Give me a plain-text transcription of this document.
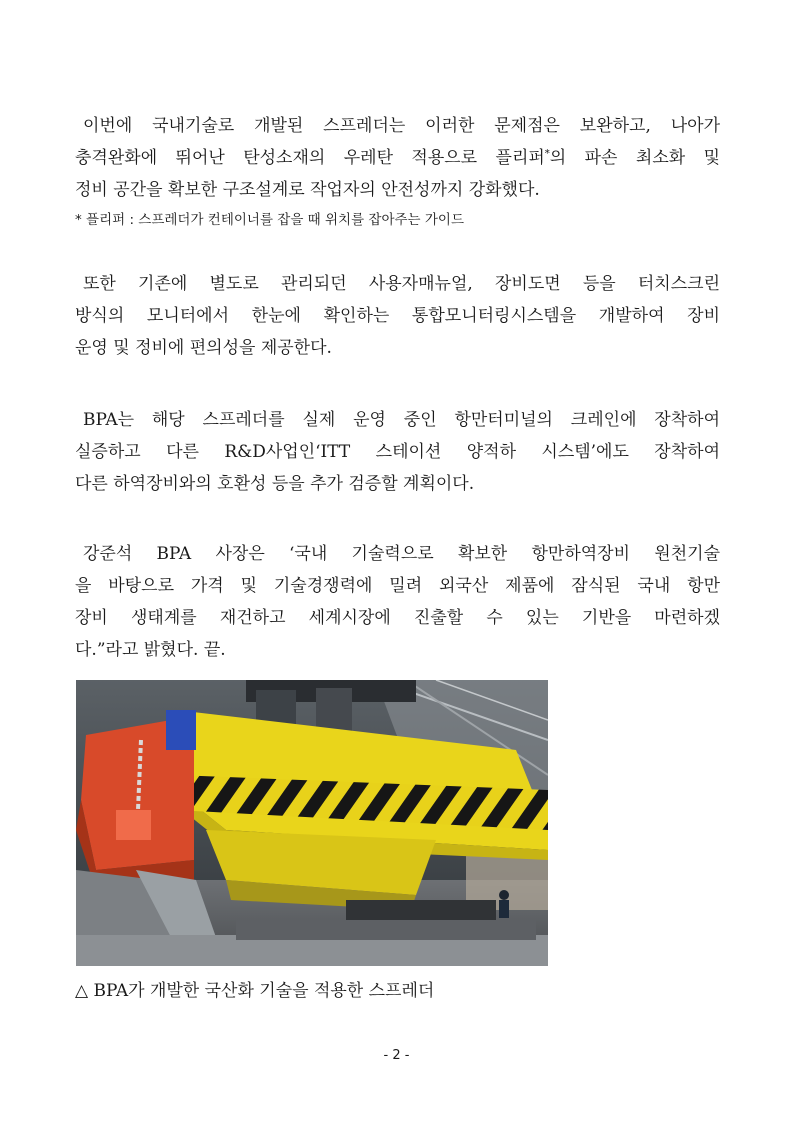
이번에 국내기술로 개발된 스프레더는 이러한 문제점은 보완하고, 나아가
충격완화에 뛰어난 탄성소재의 우레탄 적용으로 플리퍼*의 파손 최소화 및
정비 공간을 확보한 구조설계로 작업자의 안전성까지 강화했다.

* 플리퍼 : 스프레더가 컨테이너를 잡을 때 위치를 잡아주는 가이드

또한 기존에 별도로 관리되던 사용자매뉴얼, 장비도면 등을 터치스크린
방식의 모니터에서 한눈에 확인하는 통합모니터링시스템을 개발하여 장비
운영 및 정비에 편의성을 제공한다.
BPA는 해당 스프레더를 실제 운영 중인 항만터미널의 크레인에 장착하여
실증하고 다른 R&D사업인‘ITT 스테이션 양적하 시스템’에도 장착하여
다른 하역장비와의 호환성 등을 추가 검증할 계획이다.
강준석 BPA 사장은 ‘국내 기술력으로 확보한 항만하역장비 원천기술
을 바탕으로 가격 및 기술경쟁력에 밀려 외국산 제품에 잠식된 국내 항만
장비 생태계를 재건하고 세계시장에 진출할 수 있는 기반을 마련하겠
다.”라고 밝혔다. 끝.

△ BPA가 개발한 국산화 기술을 적용한 스프레더

- 2 -
